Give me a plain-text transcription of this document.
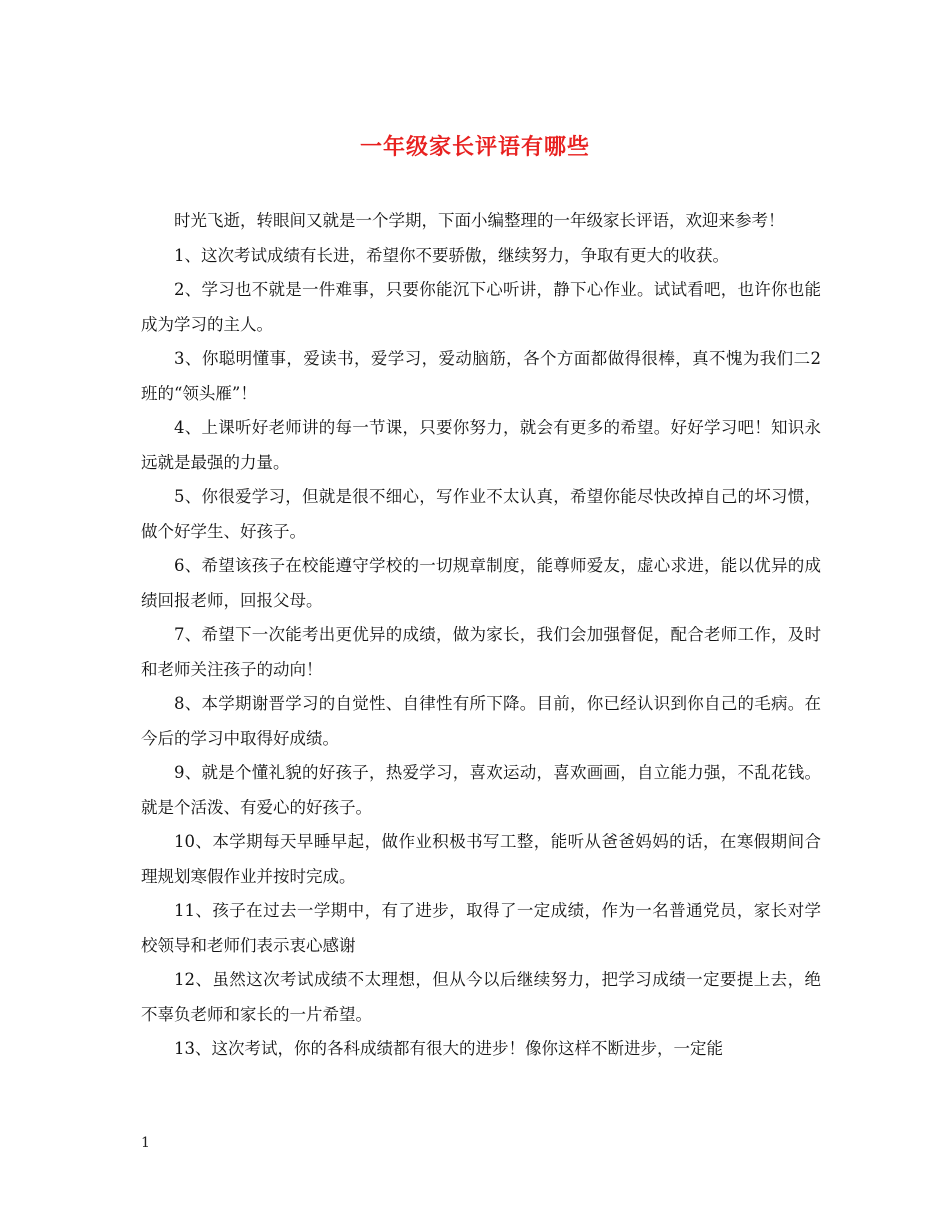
一年级家长评语有哪些

时光飞逝，转眼间又就是一个学期，下面小编整理的一年级家长评语，欢迎来参考！

1、这次考试成绩有长进，希望你不要骄傲，继续努力，争取有更大的收获。

2、学习也不就是一件难事，只要你能沉下心听讲，静下心作业。试试看吧，也许你也能成为学习的主人。

3、你聪明懂事，爱读书，爱学习，爱动脑筋，各个方面都做得很棒，真不愧为我们二2班的“领头雁”！

4、上课听好老师讲的每一节课，只要你努力，就会有更多的希望。好好学习吧！知识永远就是最强的力量。

5、你很爱学习，但就是很不细心，写作业不太认真，希望你能尽快改掉自己的坏习惯，做个好学生、好孩子。

6、希望该孩子在校能遵守学校的一切规章制度，能尊师爱友，虚心求进，能以优异的成绩回报老师，回报父母。

7、希望下一次能考出更优异的成绩，做为家长，我们会加强督促，配合老师工作，及时和老师关注孩子的动向！

8、本学期谢晋学习的自觉性、自律性有所下降。目前，你已经认识到你自己的毛病。在今后的学习中取得好成绩。

9、就是个懂礼貌的好孩子，热爱学习，喜欢运动，喜欢画画，自立能力强，不乱花钱。就是个活泼、有爱心的好孩子。

10、本学期每天早睡早起，做作业积极书写工整，能听从爸爸妈妈的话，在寒假期间合理规划寒假作业并按时完成。

11、孩子在过去一学期中，有了进步，取得了一定成绩，作为一名普通党员，家长对学校领导和老师们表示衷心感谢

12、虽然这次考试成绩不太理想，但从今以后继续努力，把学习成绩一定要提上去，绝不辜负老师和家长的一片希望。

13、这次考试，你的各科成绩都有很大的进步！像你这样不断进步，一定能

1
